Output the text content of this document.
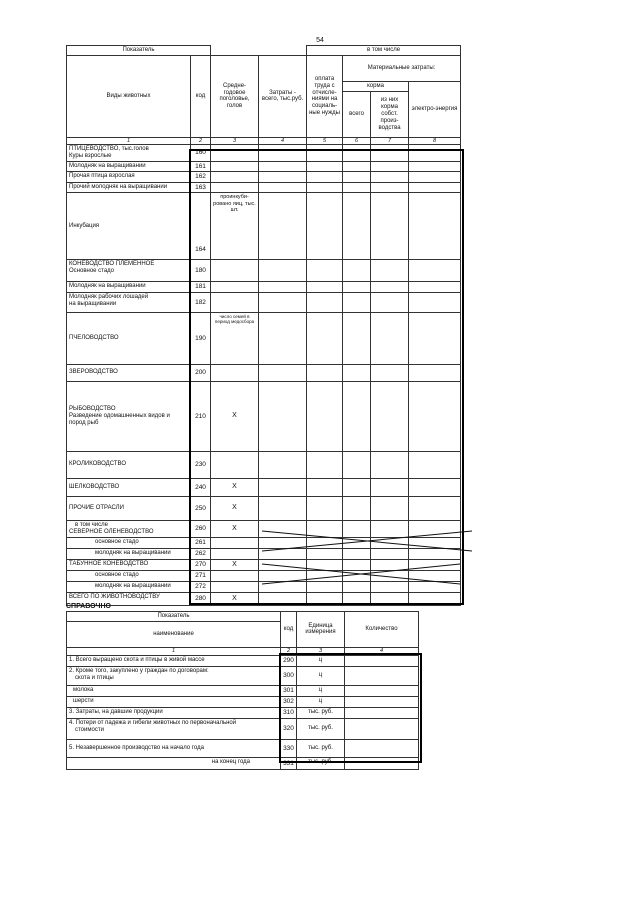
54
Показатель				в том числе			
Виды животных	код	Средне-годовое поголовье, голов	Затраты - всего, тыс.руб.	оплата труда с отчисле-ниями на социаль-ные нужды	Материальные затраты:		
					корма		электро-энергия
					всего	из них корма собст. произ-водства	
1	2	3	4	5	6	7	8
ПТИЦЕВОДСТВО, тыс.голов
Куры взрослые	160						
Молодняк на выращивании	161						
Прочая птица взрослая	162						
Прочий молодняк на выращивании	163						
Инкубация	164	проинкуби-ровано яиц, тыс. шт.					
КОНЕВОДСТВО ПЛЕМЕННОЕ
Основное стадо	180						
Молодняк на выращивании	181						
Молодняк рабочих лошадей
на выращивании	182						
ПЧЕЛОВОДСТВО	190	число семей в период медосбора					
ЗВЕРОВОДСТВО	200						
РЫБОВОДСТВО
Разведение одомашненных видов и пород рыб	210	X					
КРОЛИКОВОДСТВО	230						
ШЕЛКОВОДСТВО	240	X					
ПРОЧИЕ ОТРАСЛИ	250	X					
в том числе
СЕВЕРНОЕ ОЛЕНЕВОДСТВО	260	X					
основное стадо	261						
молодняк на выращивании	262						
ТАБУННОЕ КОНЕВОДСТВО	270	X					
основное стадо	271						
молодняк на выращивании	272						
ВСЕГО ПО ЖИВОТНОВОДСТВУ	280	X					
СПРАВОЧНО
Показатель	код	Единица измерения	Количество
наименование			
1	2	3	4
1. Всего выращено скота и птицы в живой массе	290	ц	
2. Кроме того, закуплено у граждан по договорам:
скота и птицы	300	ц	
молока	301	ц	
шерсти	302	ц	
3. Затраты, на давшие продукции	310	тыс. руб.	
4. Потери от падежа и гибели животных по первоначальной
стоимости	320	тыс. руб.	
5. Незавершенное производство на начало года	330	тыс. руб.	
на конец года	331	тыс. руб.	
